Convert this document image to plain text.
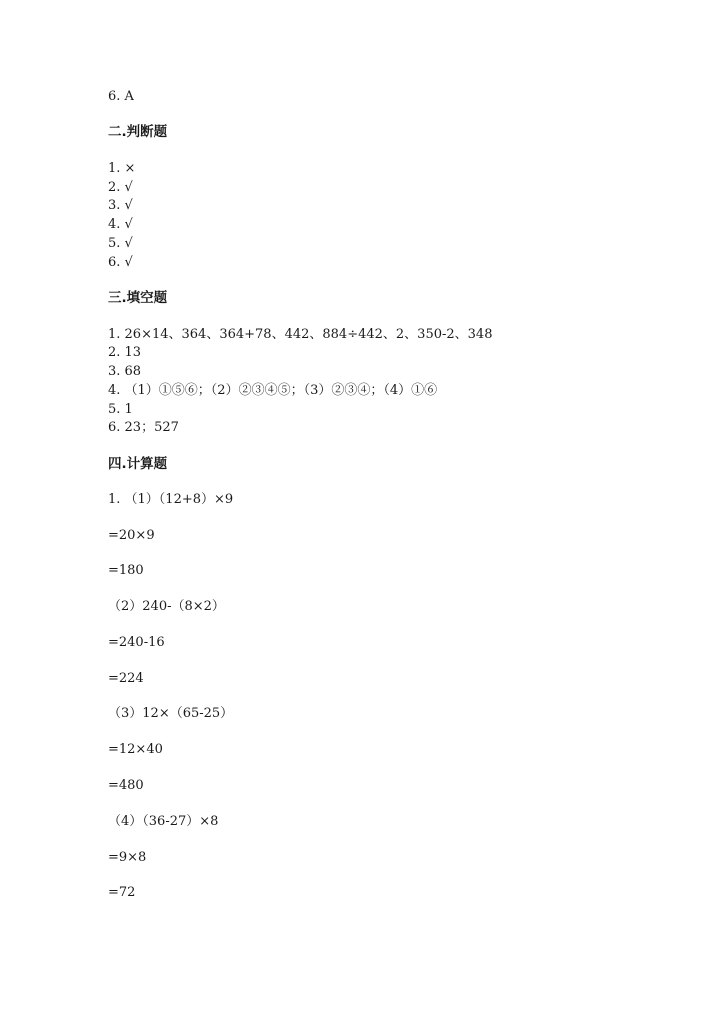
6. A
二.判断题
1. ×
2. √
3. √
4. √
5. √
6. √
三.填空题
1. 26×14、364、364+78、442、884÷442、2、350-2、348
2. 13
3. 68
4. （1）①⑤⑥；（2）②③④⑤；（3）②③④；（4）①⑥
5. 1
6. 23；527
四.计算题
1. （1）（12+8）×9
=20×9
=180
（2）240-（8×2）
=240-16
=224
（3）12×（65-25）
=12×40
=480
（4）（36-27）×8
=9×8
=72
